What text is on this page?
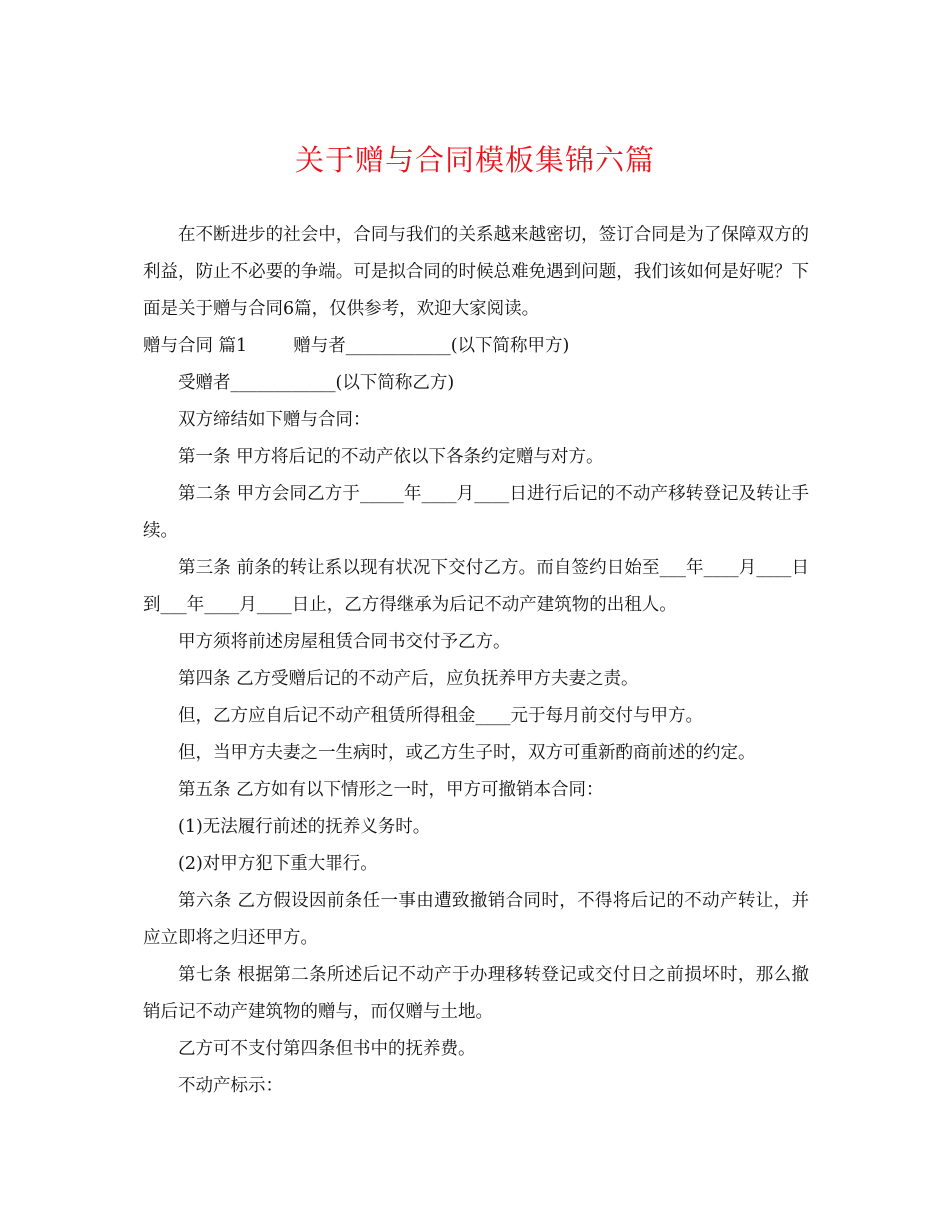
关于赠与合同模板集锦六篇

在不断进步的社会中，合同与我们的关系越来越密切，签订合同是为了保障双方的利益，防止不必要的争端。可是拟合同的时候总难免遇到问题，我们该如何是好呢？下面是关于赠与合同6篇，仅供参考，欢迎大家阅读。

赠与合同 篇1	赠与者____________(以下简称甲方)

受赠者____________(以下简称乙方)

双方缔结如下赠与合同：

第一条 甲方将后记的不动产依以下各条约定赠与对方。

第二条 甲方会同乙方于_____年____月____日进行后记的不动产移转登记及转让手续。

第三条 前条的转让系以现有状况下交付乙方。而自签约日始至___年____月____日到___年____月____日止，乙方得继承为后记不动产建筑物的出租人。

甲方须将前述房屋租赁合同书交付予乙方。

第四条 乙方受赠后记的不动产后，应负抚养甲方夫妻之责。

但，乙方应自后记不动产租赁所得租金____元于每月前交付与甲方。

但，当甲方夫妻之一生病时，或乙方生子时，双方可重新酌商前述的约定。

第五条 乙方如有以下情形之一时，甲方可撤销本合同：

(1)无法履行前述的抚养义务时。

(2)对甲方犯下重大罪行。

第六条 乙方假设因前条任一事由遭致撤销合同时，不得将后记的不动产转让，并应立即将之归还甲方。

第七条 根据第二条所述后记不动产于办理移转登记或交付日之前损坏时，那么撤销后记不动产建筑物的赠与，而仅赠与土地。

乙方可不支付第四条但书中的抚养费。

不动产标示：
